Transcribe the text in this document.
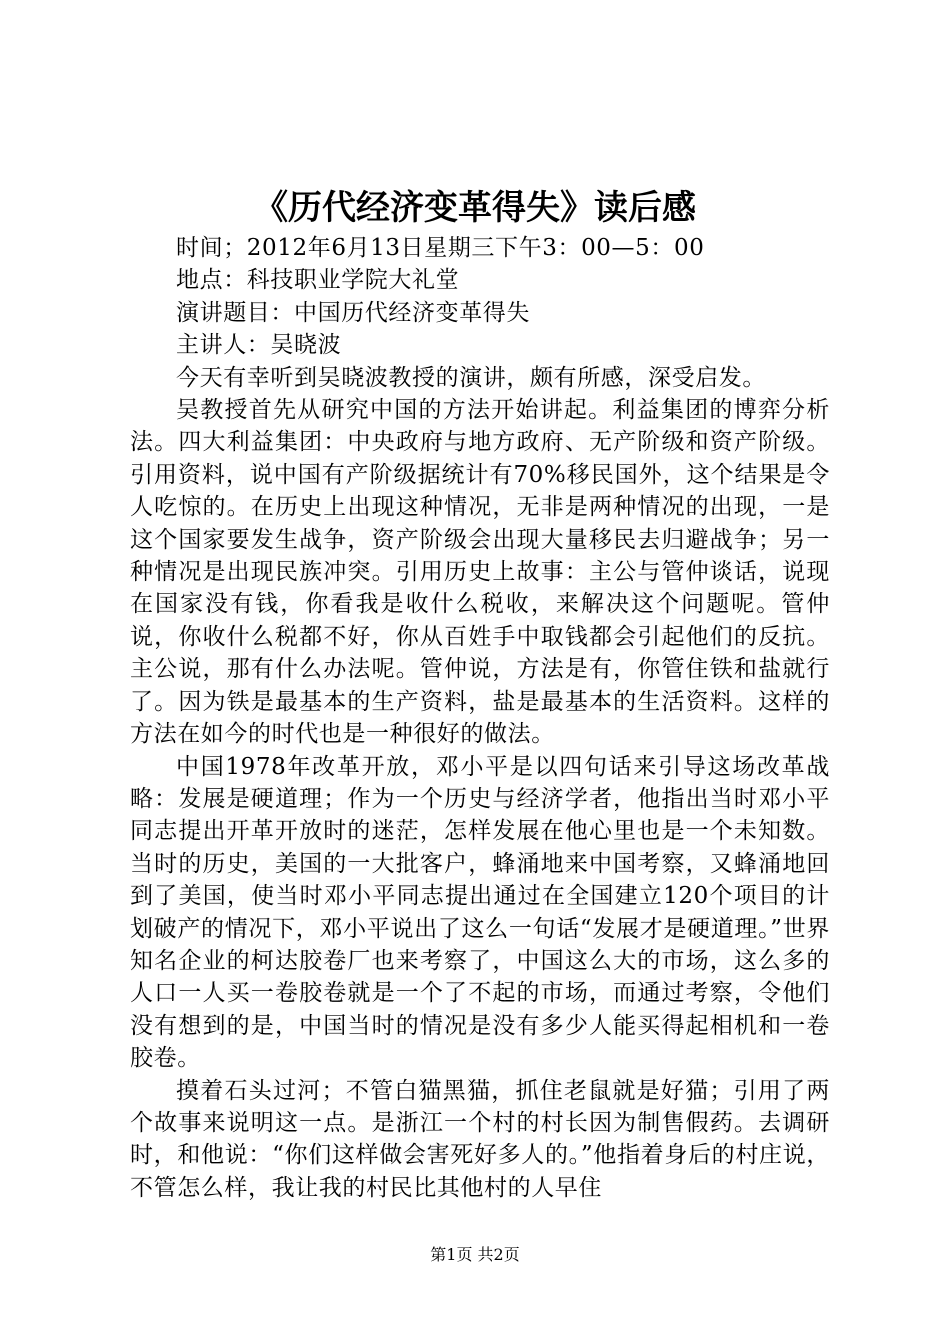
《历代经济变革得失》读后感

时间；2012年6月13日星期三下午3：00—5：00

地点：科技职业学院大礼堂

演讲题目：中国历代经济变革得失

主讲人：吴晓波

今天有幸听到吴晓波教授的演讲，颇有所感，深受启发。

吴教授首先从研究中国的方法开始讲起。利益集团的博弈分析法。四大利益集团：中央政府与地方政府、无产阶级和资产阶级。引用资料，说中国有产阶级据统计有70%移民国外，这个结果是令人吃惊的。在历史上出现这种情况，无非是两种情况的出现，一是这个国家要发生战争，资产阶级会出现大量移民去归避战争；另一种情况是出现民族冲突。引用历史上故事：主公与管仲谈话，说现在国家没有钱，你看我是收什么税收，来解决这个问题呢。管仲说，你收什么税都不好，你从百姓手中取钱都会引起他们的反抗。主公说，那有什么办法呢。管仲说，方法是有，你管住铁和盐就行了。因为铁是最基本的生产资料，盐是最基本的生活资料。这样的方法在如今的时代也是一种很好的做法。

中国1978年改革开放，邓小平是以四句话来引导这场改革战略：发展是硬道理；作为一个历史与经济学者，他指出当时邓小平同志提出开革开放时的迷茫，怎样发展在他心里也是一个未知数。当时的历史，美国的一大批客户，蜂涌地来中国考察，又蜂涌地回到了美国，使当时邓小平同志提出通过在全国建立120个项目的计划破产的情况下，邓小平说出了这么一句话“发展才是硬道理。”世界知名企业的柯达胶卷厂也来考察了，中国这么大的市场，这么多的人口一人买一卷胶卷就是一个了不起的市场，而通过考察，令他们没有想到的是，中国当时的情况是没有多少人能买得起相机和一卷胶卷。

摸着石头过河；不管白猫黑猫，抓住老鼠就是好猫；引用了两个故事来说明这一点。是浙江一个村的村长因为制售假药。去调研时，和他说：“你们这样做会害死好多人的。”他指着身后的村庄说，不管怎么样，我让我的村民比其他村的人早住

第1页 共2页
